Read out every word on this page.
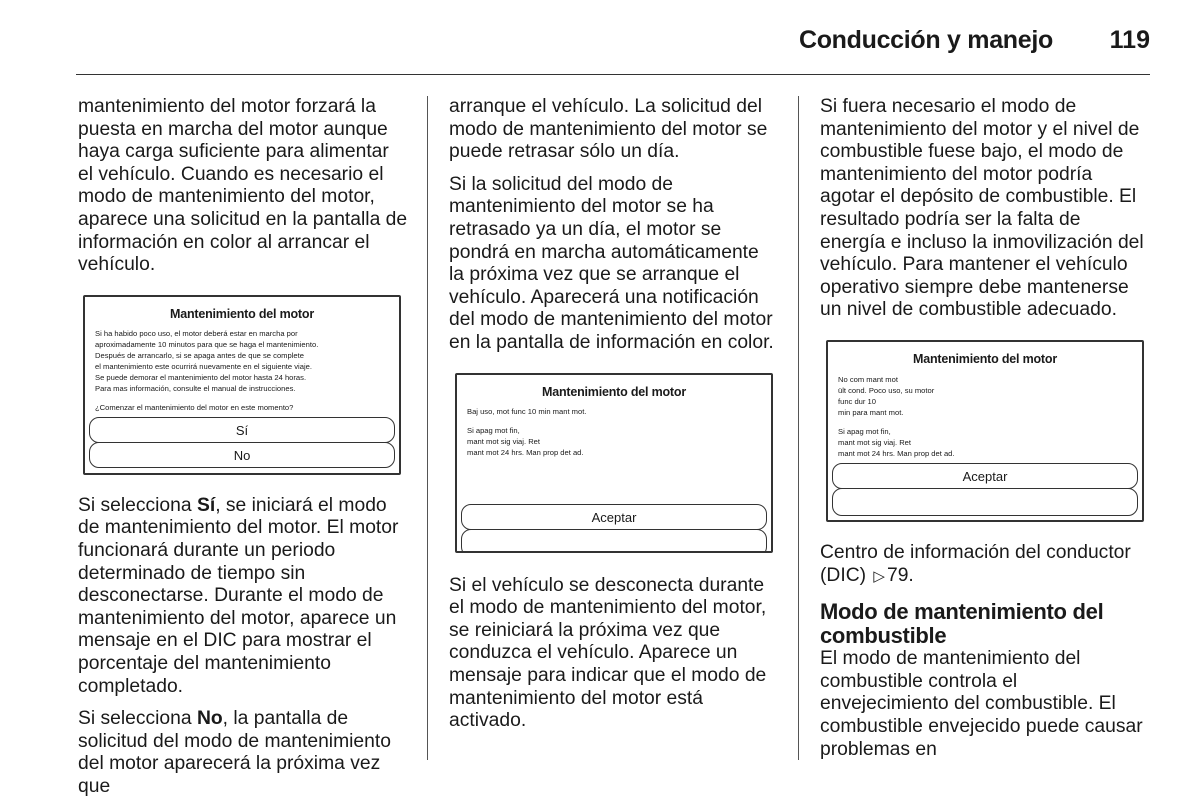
Conducción y manejo 119

mantenimiento del motor forzará la puesta en marcha del motor aunque haya carga suficiente para alimentar el vehículo. Cuando es necesario el modo de mantenimiento del motor, aparece una solicitud en la pantalla de información en color al arrancar el vehículo.

Mantenimiento del motor
Si ha habido poco uso, el motor deberá estar en marcha por
aproximadamente 10 minutos para que se haga el mantenimiento.
Después de arrancarlo, si se apaga antes de que se complete
el mantenimiento este ocurrirá nuevamente en el siguiente viaje.
Se puede demorar el mantenimiento del motor hasta 24 horas.
Para mas información, consulte el manual de instrucciones.
¿Comenzar el mantenimiento del motor en este momento?
Sí
No

Si selecciona Sí, se iniciará el modo de mantenimiento del motor. El motor funcionará durante un periodo determinado de tiempo sin desconectarse. Durante el modo de mantenimiento del motor, aparece un mensaje en el DIC para mostrar el porcentaje del mantenimiento completado.

Si selecciona No, la pantalla de solicitud del modo de mantenimiento del motor aparecerá la próxima vez que

arranque el vehículo. La solicitud del modo de mantenimiento del motor se puede retrasar sólo un día.

Si la solicitud del modo de mantenimiento del motor se ha retrasado ya un día, el motor se pondrá en marcha automáticamente la próxima vez que se arranque el vehículo. Aparecerá una notificación del modo de mantenimiento del motor en la pantalla de información en color.

Mantenimiento del motor
Baj uso, mot func 10 min mant mot.
Si apag mot fin,
mant mot sig viaj. Ret
mant mot 24 hrs. Man prop det ad.
Aceptar

Si el vehículo se desconecta durante el modo de mantenimiento del motor, se reiniciará la próxima vez que conduzca el vehículo. Aparece un mensaje para indicar que el modo de mantenimiento del motor está activado.

Si fuera necesario el modo de mantenimiento del motor y el nivel de combustible fuese bajo, el modo de mantenimiento del motor podría agotar el depósito de combustible. El resultado podría ser la falta de energía e incluso la inmovilización del vehículo. Para mantener el vehículo operativo siempre debe mantenerse un nivel de combustible adecuado.

Mantenimiento del motor
No com mant mot
ült cond. Poco uso, su motor
func dur 10
min para mant mot.
Si apag mot fin,
mant mot sig viaj. Ret
mant mot 24 hrs. Man prop det ad.
Aceptar

Centro de información del conductor (DIC) ▷ 79.

Modo de mantenimiento del combustible

El modo de mantenimiento del combustible controla el envejecimiento del combustible. El combustible envejecido puede causar problemas en
